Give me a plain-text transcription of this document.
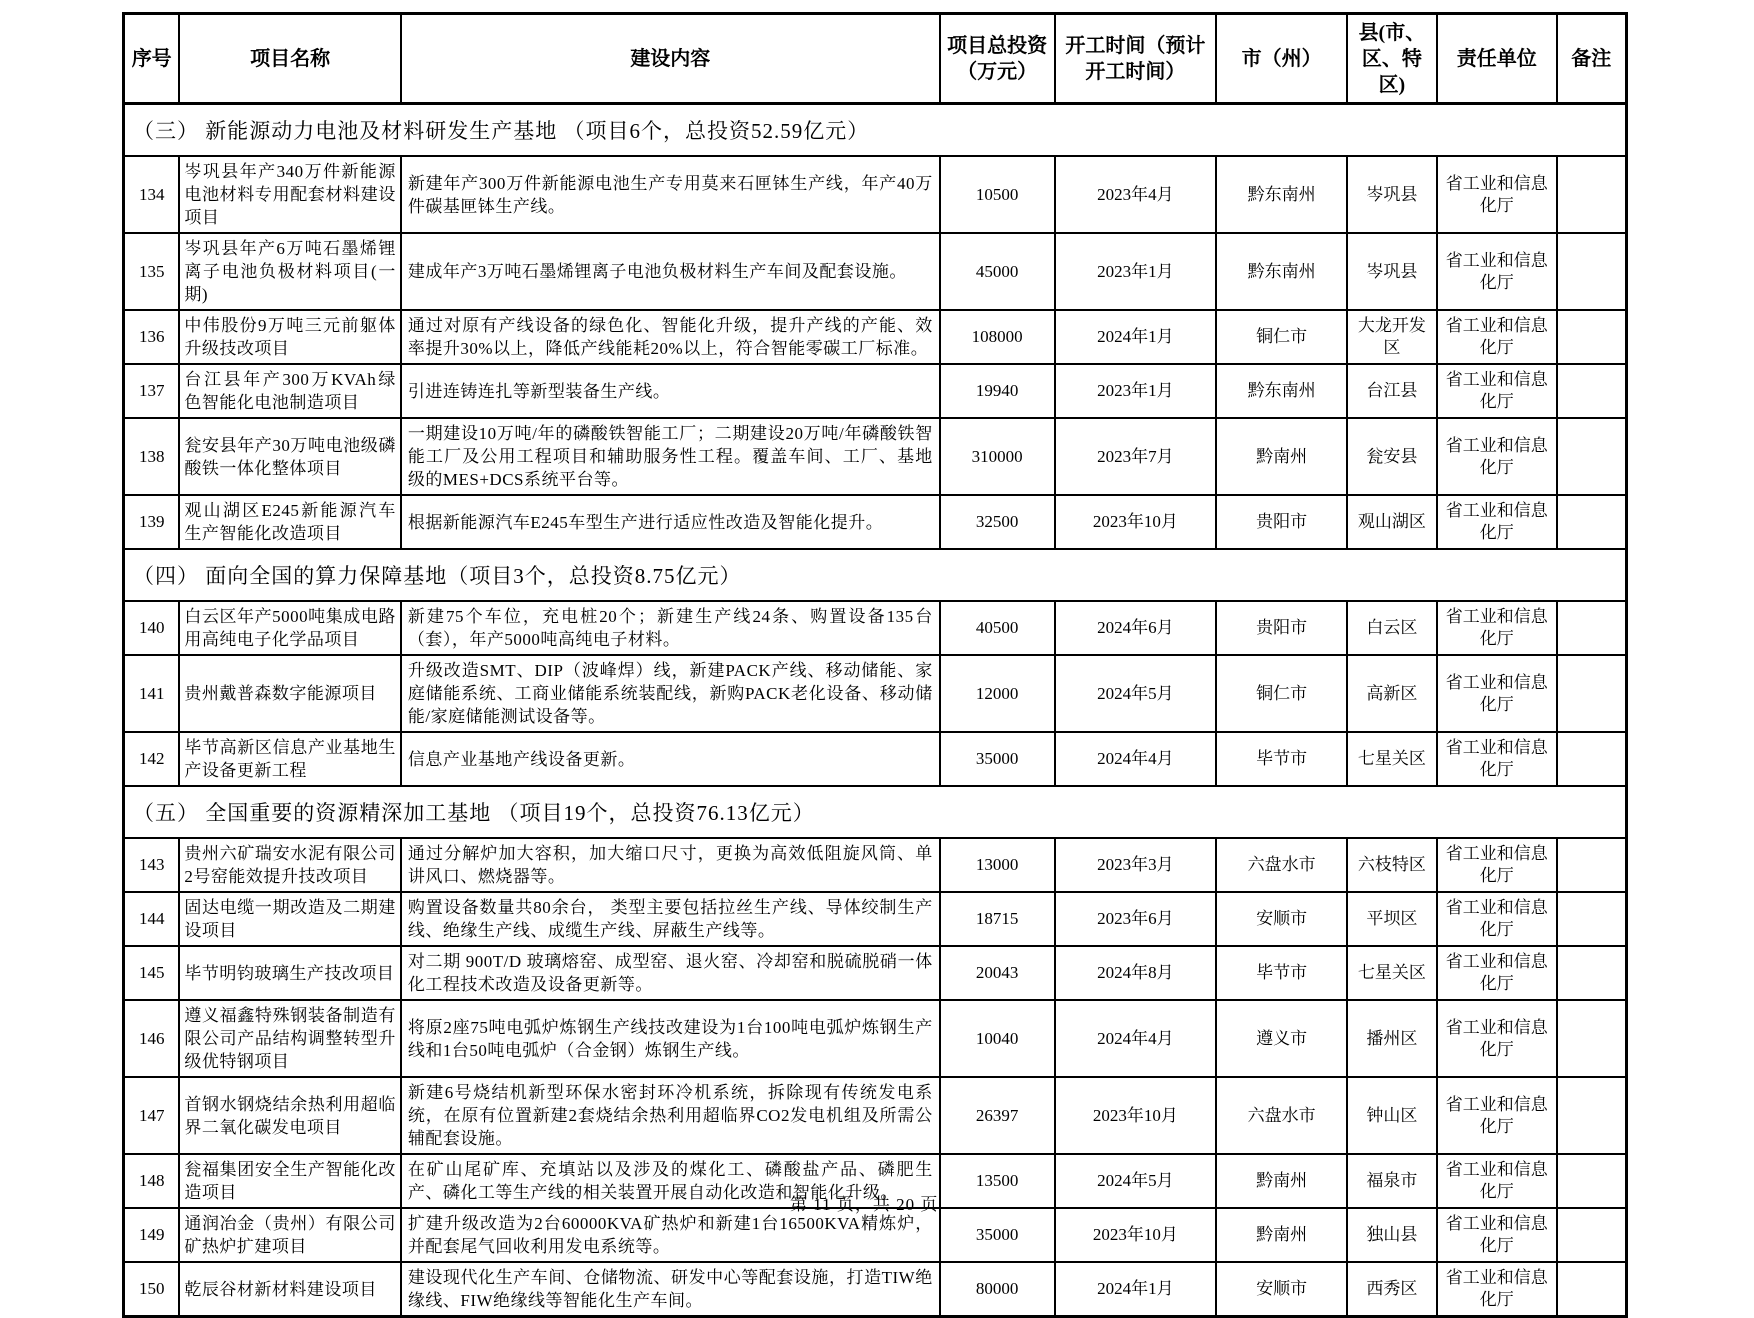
序号	项目名称	建设内容	项目总投资（万元）	开工时间（预计开工时间）	市（州）	县(市、区、特区)	责任单位	备注
（三） 新能源动力电池及材料研发生产基地 （项目6个，总投资52.59亿元）								
134	岑巩县年产340万件新能源电池材料专用配套材料建设项目	新建年产300万件新能源电池生产专用莫来石匣钵生产线，年产40万件碳基匣钵生产线。	10500	2023年4月	黔东南州	岑巩县	省工业和信息化厅	
135	岑巩县年产6万吨石墨烯锂离子电池负极材料项目(一期)	建成年产3万吨石墨烯锂离子电池负极材料生产车间及配套设施。	45000	2023年1月	黔东南州	岑巩县	省工业和信息化厅	
136	中伟股份9万吨三元前躯体升级技改项目	通过对原有产线设备的绿色化、智能化升级，提升产线的产能、效率提升30%以上，降低产线能耗20%以上，符合智能零碳工厂标准。	108000	2024年1月	铜仁市	大龙开发区	省工业和信息化厅	
137	台江县年产300万KVAh绿色智能化电池制造项目	引进连铸连扎等新型装备生产线。	19940	2023年1月	黔东南州	台江县	省工业和信息化厅	
138	瓮安县年产30万吨电池级磷酸铁一体化整体项目	一期建设10万吨/年的磷酸铁智能工厂；二期建设20万吨/年磷酸铁智能工厂及公用工程项目和辅助服务性工程。覆盖车间、工厂、基地级的MES+DCS系统平台等。	310000	2023年7月	黔南州	瓮安县	省工业和信息化厅	
139	观山湖区E245新能源汽车生产智能化改造项目	根据新能源汽车E245车型生产进行适应性改造及智能化提升。	32500	2023年10月	贵阳市	观山湖区	省工业和信息化厅	
（四） 面向全国的算力保障基地（项目3个，总投资8.75亿元）								
140	白云区年产5000吨集成电路用高纯电子化学品项目	新建75个车位，充电桩20个；新建生产线24条、购置设备135台（套），年产5000吨高纯电子材料。	40500	2024年6月	贵阳市	白云区	省工业和信息化厅	
141	贵州戴普森数字能源项目	升级改造SMT、DIP（波峰焊）线，新建PACK产线、移动储能、家庭储能系统、工商业储能系统装配线，新购PACK老化设备、移动储能/家庭储能测试设备等。	12000	2024年5月	铜仁市	高新区	省工业和信息化厅	
142	毕节高新区信息产业基地生产设备更新工程	信息产业基地产线设备更新。	35000	2024年4月	毕节市	七星关区	省工业和信息化厅	
（五） 全国重要的资源精深加工基地 （项目19个，总投资76.13亿元）								
143	贵州六矿瑞安水泥有限公司2号窑能效提升技改项目	通过分解炉加大容积，加大缩口尺寸，更换为高效低阻旋风筒、单讲风口、燃烧器等。	13000	2023年3月	六盘水市	六枝特区	省工业和信息化厅	
144	固达电缆一期改造及二期建设项目	购置设备数量共80余台， 类型主要包括拉丝生产线、导体绞制生产线、绝缘生产线、成缆生产线、屏蔽生产线等。	18715	2023年6月	安顺市	平坝区	省工业和信息化厅	
145	毕节明钧玻璃生产技改项目	对二期 900T/D 玻璃熔窑、成型窑、退火窑、冷却窑和脱硫脱硝一体化工程技术改造及设备更新等。	20043	2024年8月	毕节市	七星关区	省工业和信息化厅	
146	遵义福鑫特殊钢装备制造有限公司产品结构调整转型升级优特钢项目	将原2座75吨电弧炉炼钢生产线技改建设为1台100吨电弧炉炼钢生产线和1台50吨电弧炉（合金钢）炼钢生产线。	10040	2024年4月	遵义市	播州区	省工业和信息化厅	
147	首钢水钢烧结余热利用超临界二氧化碳发电项目	新建6号烧结机新型环保水密封环冷机系统，拆除现有传统发电系统，在原有位置新建2套烧结余热利用超临界CO2发电机组及所需公辅配套设施。	26397	2023年10月	六盘水市	钟山区	省工业和信息化厅	
148	瓮福集团安全生产智能化改造项目	在矿山尾矿库、充填站以及涉及的煤化工、磷酸盐产品、磷肥生产、磷化工等生产线的相关装置开展自动化改造和智能化升级。	13500	2024年5月	黔南州	福泉市	省工业和信息化厅	
149	通润冶金（贵州）有限公司矿热炉扩建项目	扩建升级改造为2台60000KVA矿热炉和新建1台16500KVA精炼炉，并配套尾气回收利用发电系统等。	35000	2023年10月	黔南州	独山县	省工业和信息化厅	
150	乾辰谷材新材料建设项目	建设现代化生产车间、仓储物流、研发中心等配套设施，打造TIW绝缘线、FIW绝缘线等智能化生产车间。	80000	2024年1月	安顺市	西秀区	省工业和信息化厅	
第 11 页，共 20 页
